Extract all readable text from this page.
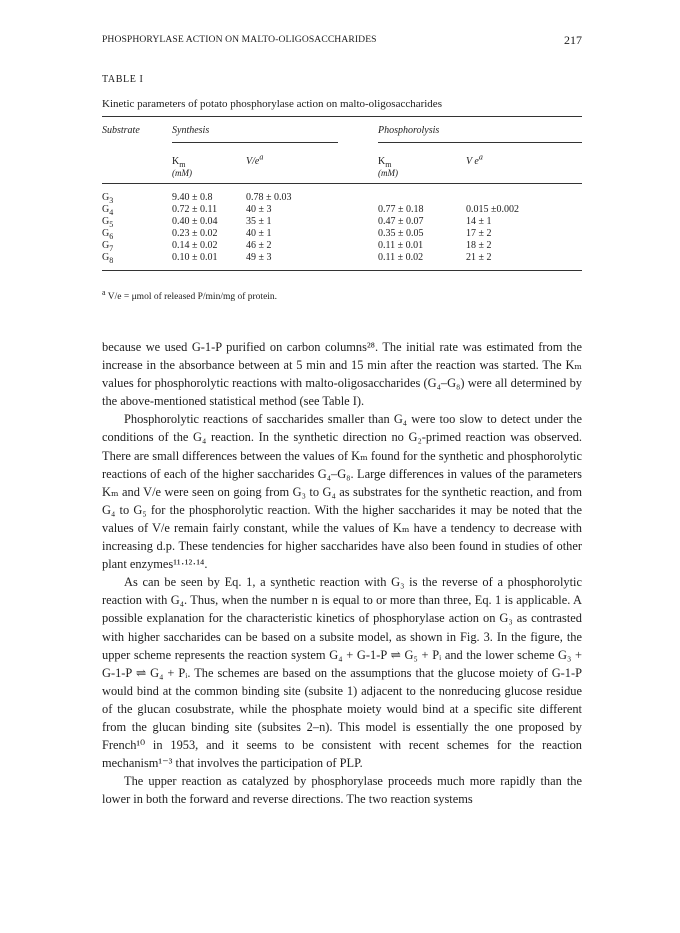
PHOSPHORYLASE ACTION ON MALTO-OLIGOSACCHARIDES	217
TABLE I
Kinetic parameters of potato phosphorylase action on malto-oligosaccharides
Substrate	Synthesis	Phosphorolysis
$K_m$	$V/e^a$	$K_m$	V $e^a$
(mM)	(mM)
$G_3$	9.40 ± 0.8	0.78 ± 0.03
$G_4$	0.72 ± 0.11	40 ± 3	0.77 ± 0.18	0.015 ±0.002
$G_5$	0.40 ± 0.04	35 ± 1	0.47 ± 0.07	14 ± 1
$G_6$	0.23 ± 0.02	40 ± 1	0.35 ± 0.05	17 ± 2
$G_7$	0.14 ± 0.02	46 ± 2	0.11 ± 0.01	18 ± 2
$G_8$	0.10 ± 0.01	49 ± 3	0.11 ± 0.02	21 ± 2
$^a$ V/e = μmol of released P/min/mg of protein.

because we used G-1-P purified on carbon columns²⁸. The initial rate was estimated from the increase in the absorbance between at 5 min and 15 min after the reaction was started. The Kₘ values for phosphorolytic reactions with malto-oligosaccharides (G₄–G₈) were all determined by the above-mentioned statistical method (see Table I).

Phosphorolytic reactions of saccharides smaller than G₄ were too slow to detect under the conditions of the G₄ reaction. In the synthetic direction no G₂-primed reaction was observed. There are small differences between the values of Kₘ found for the synthetic and phosphorolytic reactions of each of the higher saccharides G₄–G₈. Large differences in values of the parameters Kₘ and V/e were seen on going from G₃ to G₄ as substrates for the synthetic reaction, and from G₄ to G₅ for the phosphorolytic reaction. With the higher saccharides it may be noted that the values of V/e remain fairly constant, while the values of Kₘ have a tendency to decrease with increasing d.p. These tendencies for higher saccharides have also been found in studies of other plant enzymes¹¹·¹²·¹⁴.

As can be seen by Eq. 1, a synthetic reaction with G₃ is the reverse of a phosphorolytic reaction with G₄. Thus, when the number n is equal to or more than three, Eq. 1 is applicable. A possible explanation for the characteristic kinetics of phosphorylase action on G₃ as contrasted with higher saccharides can be based on a subsite model, as shown in Fig. 3. In the figure, the upper scheme represents the reaction system G₄ + G-1-P ⇌ G₅ + Pᵢ and the lower scheme G₃ + G-1-P ⇌ G₄ + Pᵢ. The schemes are based on the assumptions that the glucose moiety of G-1-P would bind at the common binding site (subsite 1) adjacent to the nonreducing glucose residue of the glucan cosubstrate, while the phosphate moiety would bind at a specific site different from the glucan binding site (subsites 2–n). This model is essentially the one proposed by French¹⁰ in 1953, and it seems to be consistent with recent schemes for the reaction mechanism¹⁻³ that involves the participation of PLP.

The upper reaction as catalyzed by phosphorylase proceeds much more rapidly than the lower in both the forward and reverse directions. The two reaction systems
